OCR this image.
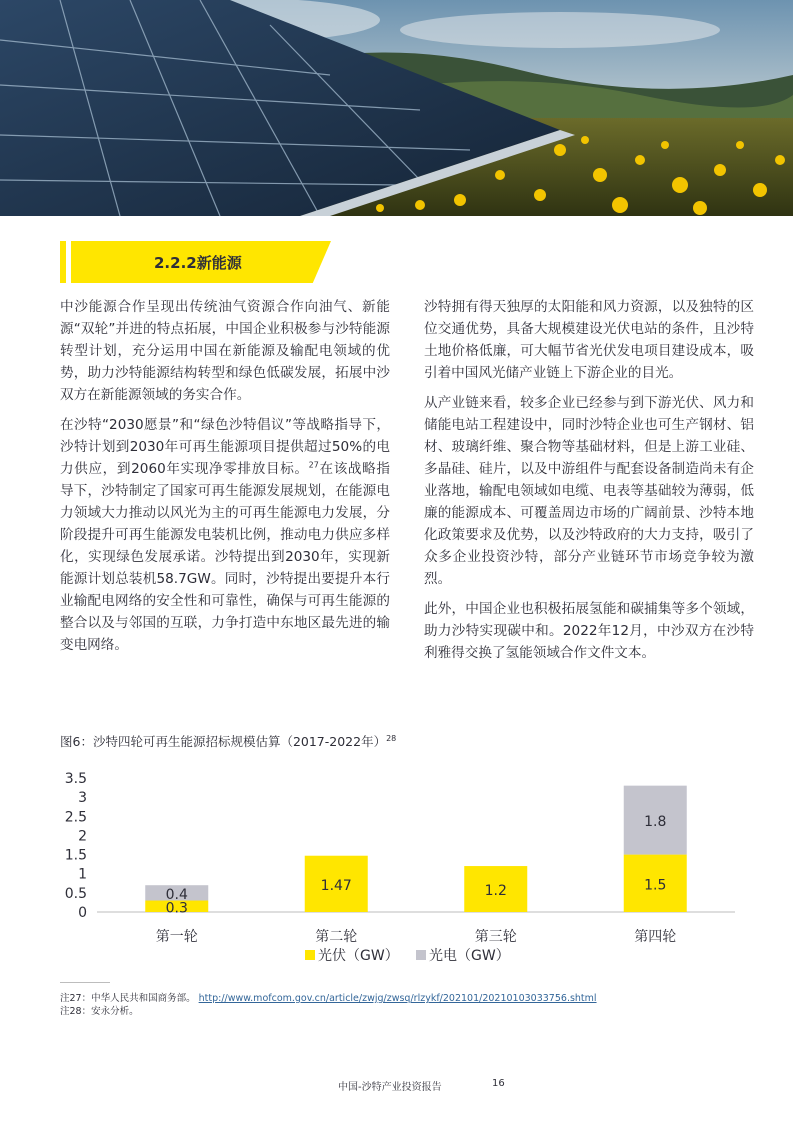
2.2.2新能源

中沙能源合作呈现出传统油气资源合作向油气、新能源“双轮”并进的特点拓展，中国企业积极参与沙特能源转型计划，充分运用中国在新能源及输配电领域的优势，助力沙特能源结构转型和绿色低碳发展，拓展中沙双方在新能源领域的务实合作。

在沙特“2030愿景”和“绿色沙特倡议”等战略指导下，沙特计划到2030年可再生能源项目提供超过50%的电力供应，到2060年实现净零排放目标。$^{27}$在该战略指导下，沙特制定了国家可再生能源发展规划，在能源电力领域大力推动以风光为主的可再生能源电力发展，分阶段提升可再生能源发电装机比例，推动电力供应多样化，实现绿色发展承诺。沙特提出到2030年，实现新能源计划总装机58.7GW。同时，沙特提出要提升本行业输配电网络的安全性和可靠性，确保与可再生能源的整合以及与邻国的互联，力争打造中东地区最先进的输变电网络。

沙特拥有得天独厚的太阳能和风力资源，以及独特的区位交通优势，具备大规模建设光伏电站的条件，且沙特土地价格低廉，可大幅节省光伏发电项目建设成本，吸引着中国风光储产业链上下游企业的目光。

从产业链来看，较多企业已经参与到下游光伏、风力和储能电站工程建设中，同时沙特企业也可生产钢材、铝材、玻璃纤维、聚合物等基础材料，但是上游工业硅、多晶硅、硅片，以及中游组件与配套设备制造尚未有企业落地，输配电领域如电缆、电表等基础较为薄弱，低廉的能源成本、可覆盖周边市场的广阔前景、沙特本地化政策要求及优势，以及沙特政府的大力支持，吸引了众多企业投资沙特，部分产业链环节市场竞争较为激烈。

此外，中国企业也积极拓展氢能和碳捕集等多个领域，助力沙特实现碳中和。2022年12月，中沙双方在沙特利雅得交换了氢能领域合作文件文本。

图6：沙特四轮可再生能源招标规模估算（2017-2022年）$^{28}$
0
0.5
1
1.5
2
2.5
3
3.5
0.3
0.4
第一轮
1.47
第二轮
1.2
第三轮
1.5
1.8
第四轮
光伏（GW） 光电（GW）
注27：中华人民共和国商务部。 http://www.mofcom.gov.cn/article/zwjg/zwsq/rlzykf/202101/20210103033756.shtml
注28：安永分析。
中国-沙特产业投资报告	16
